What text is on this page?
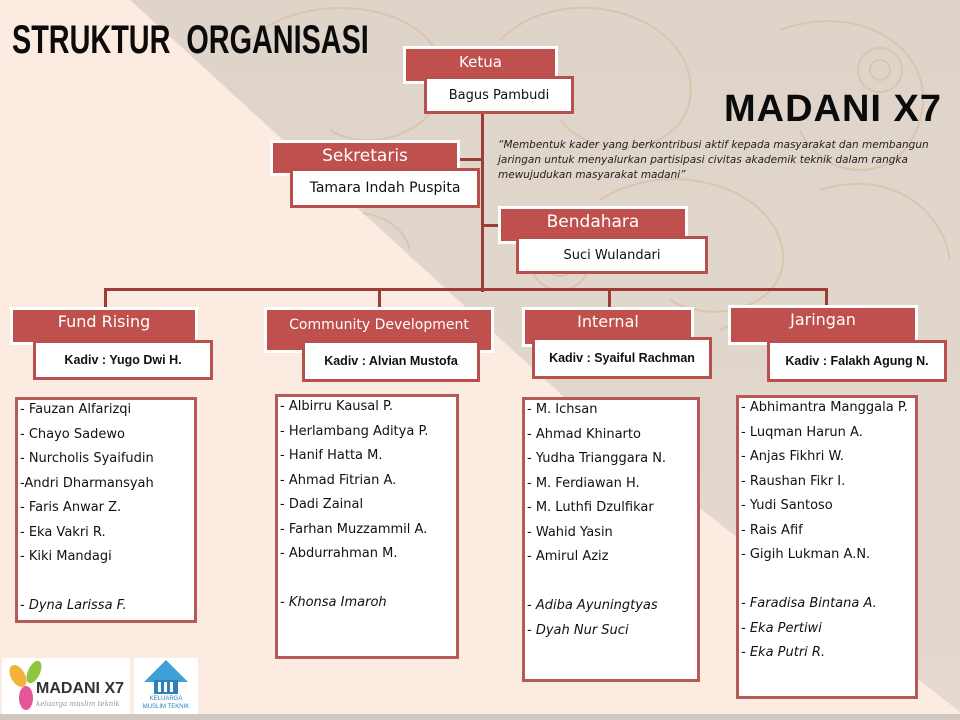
STRUKTUR  ORGANISASI
MADANI X7
“Membentuk kader yang berkontribusi aktif kepada masyarakat dan membangun jaringan untuk menyalurkan partisipasi civitas akademik teknik dalam rangka mewujudukan masyarakat madani”
Ketua
Bagus Pambudi
Sekretaris
Tamara Indah Puspita
Bendahara
Suci Wulandari
Fund Rising
Kadiv : Yugo Dwi H.
Community Development
Kadiv : Alvian Mustofa
Internal
Kadiv : Syaiful Rachman
Jaringan
Kadiv : Falakh Agung N.
- Fauzan Alfarizqi
- Chayo Sadewo
- Nurcholis Syaifudin
-Andri Dharmansyah
- Faris Anwar Z.
- Eka Vakri R.
- Kiki Mandagi
- Dyna Larissa F.
- Albirru Kausal P.
- Herlambang Aditya P.
- Hanif Hatta M.
- Ahmad Fitrian A.
- Dadi Zainal
- Farhan Muzzammil A.
- Abdurrahman M.
- Khonsa Imaroh
- M. Ichsan
- Ahmad Khinarto
- Yudha Trianggara N.
- M. Ferdiawan H.
- M. Luthfi Dzulfikar
- Wahid Yasin
- Amirul Aziz
- Adiba Ayuningtyas
- Dyah Nur Suci
- Abhimantra Manggala P.
- Luqman Harun A.
- Anjas Fikhri W.
- Raushan Fikr I.
- Yudi Santoso
- Rais Afif
- Gigih Lukman A.N.
- Faradisa Bintana A.
- Eka Pertiwi
- Eka Putri R.
MADANI X7
keluarga muslim teknik
KELUARGA
MUSLIM TEKNIK
